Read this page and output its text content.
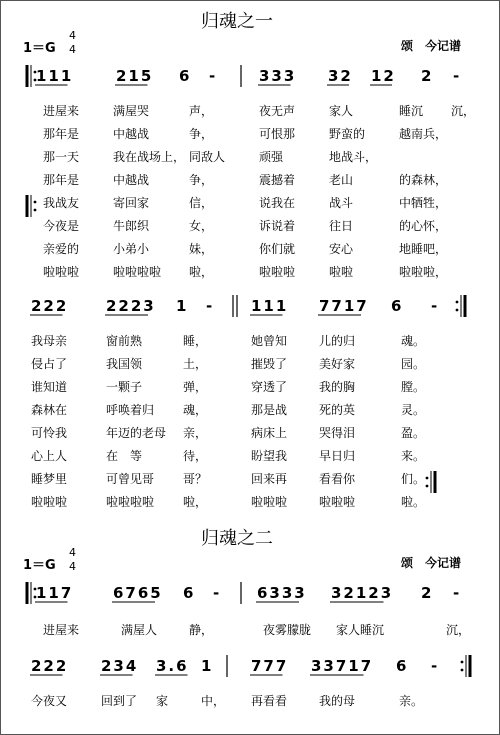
归魂之一
1＝G
4
4	颂　今记谱
归魂之二
1＝G
4
4	颂　今记谱
111	215 6 -	333 32 12 2 -
进屋来	满屋哭	声，	夜无声	家人	睡沉 沉，
那年是	中越战	争，	可恨那	野蛮的	越南兵，
那一天	我在战场上， 同敌人	顽强	地战斗，
那年是	中越战	争，	震撼着	老山	的森林，
我战友	寄回家	信，	说我在	战斗	中牺牲，
今夜是	牛郎织	女，	诉说着	往日	的心怀，
亲爱的	小弟小	妹，	你们就	安心	地睡吧，
啦啦啦	啦啦啦啦 啦，	啦啦啦	啦啦	啦啦啦，
222	2223 1 - 111 7717 6 -
我母亲	窗前熟	睡，	她曾知	儿的归	魂。
侵占了	我国领	土，	摧毁了	美好家	园。
谁知道	一颗子	弹，	穿透了	我的胸	膛。
森林在	呼唤着归 魂，	那是战	死的英	灵。
可怜我	年迈的老母 亲，	病床上	哭得泪	盈。
心上人	在　等	待，	盼望我	早日归	来。
睡梦里	可曾见哥 哥？	回来再	看看你	们。
啦啦啦	啦啦啦啦 啦，	啦啦啦	啦啦啦	啦。
117	6765 6 - 6333 32123 2 -
进屋来	满屋人	静，	夜雾朦胧 家人睡沉	沉，
222 234 3.6 1	777 33717 6 -
今夜又	回到了 家	中， 再看看	我的母	亲。
